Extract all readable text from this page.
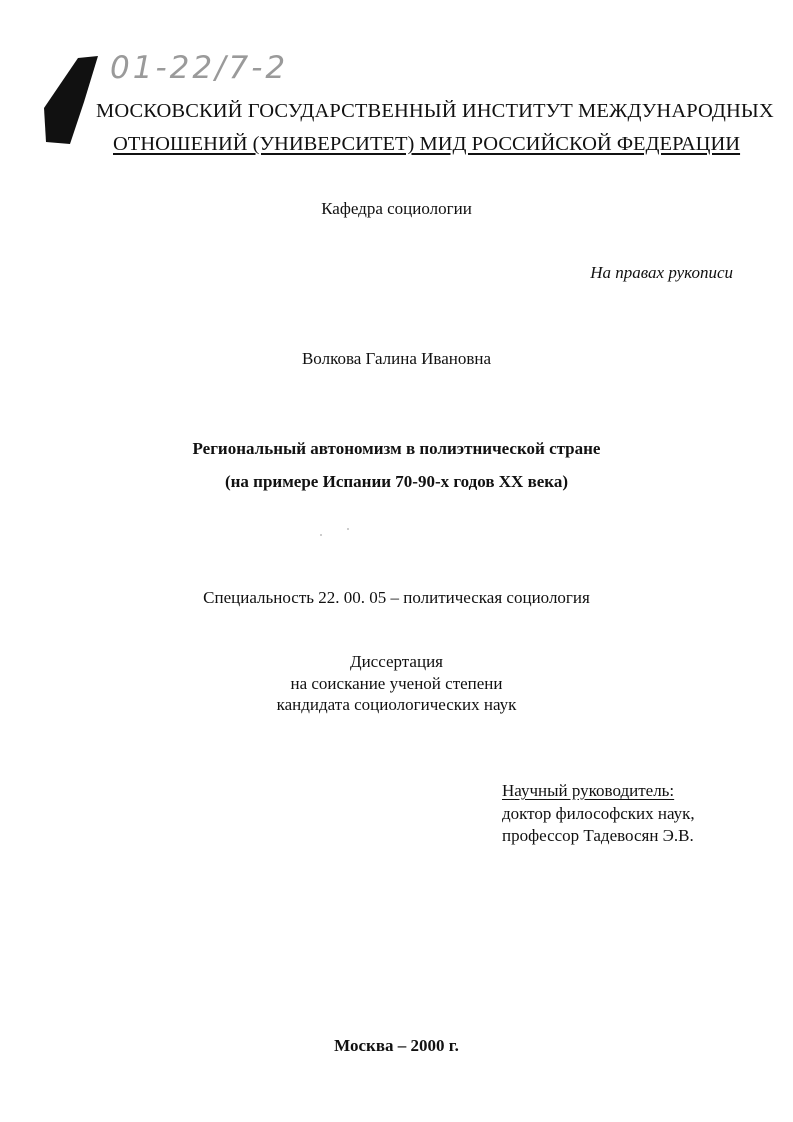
01-22/7-2
МОСКОВСКИЙ ГОСУДАРСТВЕННЫЙ ИНСТИТУТ МЕЖДУНАРОДНЫХ
ОТНОШЕНИЙ (УНИВЕРСИТЕТ) МИД РОССИЙСКОЙ ФЕДЕРАЦИИ
Кафедра социологии
На правах рукописи
Волкова Галина Ивановна
Региональный автономизм в полиэтнической стране
(на примере Испании 70-90-х годов XX века)
Специальность 22. 00. 05 – политическая социология
Диссертация
на соискание ученой степени
кандидата социологических наук
Научный руководитель:
доктор философских наук,
профессор Тадевосян Э.В.
Москва – 2000 г.
